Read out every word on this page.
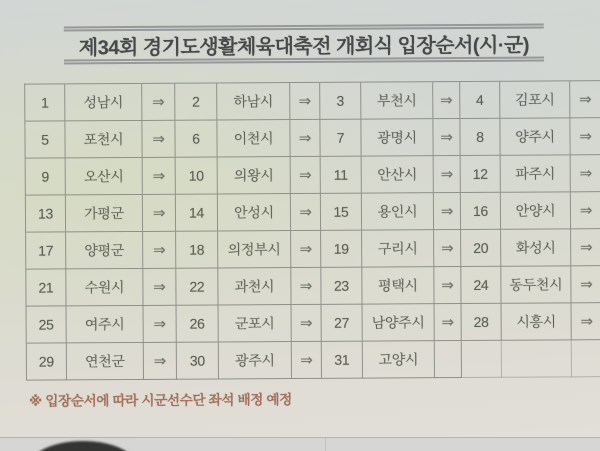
제34회 경기도생활체육대축전 개회식 입장순서(시·군)
1	성남시	⇒	2	하남시	⇒	3	부천시	⇒	4	김포시	⇒
5	포천시	⇒	6	이천시	⇒	7	광명시	⇒	8	양주시	⇒
9	오산시	⇒	10	의왕시	⇒	11	안산시	⇒	12	파주시	⇒
13	가평군	⇒	14	안성시	⇒	15	용인시	⇒	16	안양시	⇒
17	양평군	⇒	18	의정부시	⇒	19	구리시	⇒	20	화성시	⇒
21	수원시	⇒	22	과천시	⇒	23	평택시	⇒	24	동두천시	⇒
25	여주시	⇒	26	군포시	⇒	27	남양주시	⇒	28	시흥시	⇒
29	연천군	⇒	30	광주시	⇒	31	고양시
※ 입장순서에 따라 시군선수단 좌석 배정 예정
